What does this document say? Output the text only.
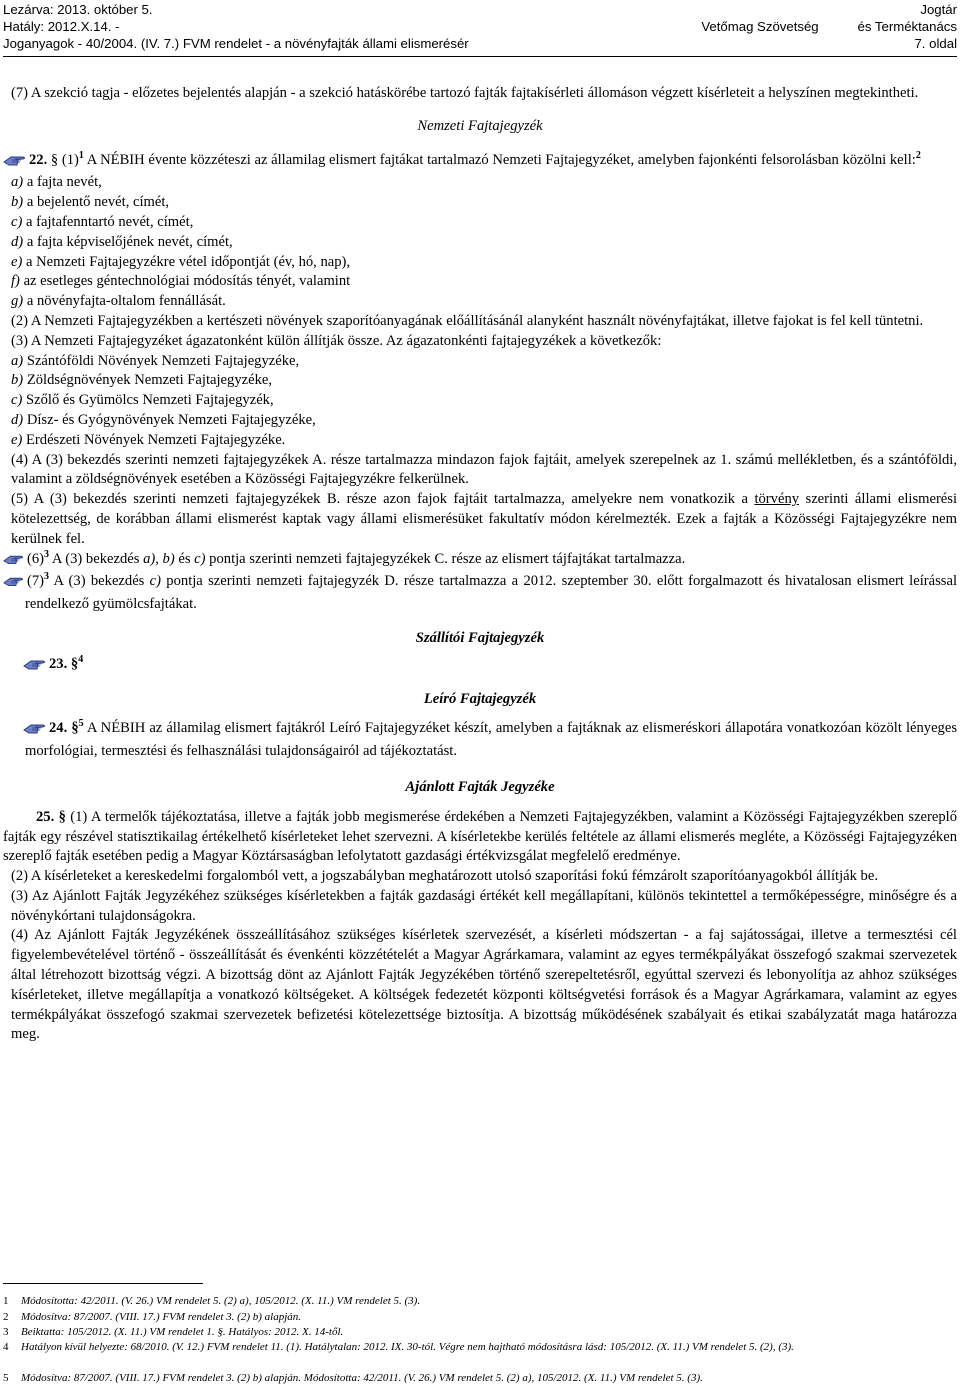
Lezárva: 2013. október 5.
Hatály: 2012.X.14. -
Joganyagok - 40/2004. (IV. 7.) FVM rendelet - a növényfajták állami elismerésér

Vetőmag Szövetség

Jogtár
és Terméktanács
7. oldal

(7) A szekció tagja - előzetes bejelentés alapján - a szekció hatáskörébe tartozó fajták fajtakísérleti állomáson végzett kísérleteit a helyszínen megtekintheti.

Nemzeti Fajtajegyzék

22. § $(1)^1$ A NÉBIH évente közzéteszi az államilag elismert fajtákat tartalmazó Nemzeti Fajtajegyzéket, amelyben fajonkénti felsorolásban közölni kell:$^2$

a) a fajta nevét,

b) a bejelentő nevét, címét,

c) a fajtafenntartó nevét, címét,

d) a fajta képviselőjének nevét, címét,

e) a Nemzeti Fajtajegyzékre vétel időpontját (év, hó, nap),

f) az esetleges géntechnológiai módosítás tényét, valamint

g) a növényfajta-oltalom fennállását.

(2) A Nemzeti Fajtajegyzékben a kertészeti növények szaporítóanyagának előállításánál alanyként használt növényfajtákat, illetve fajokat is fel kell tüntetni.

(3) A Nemzeti Fajtajegyzéket ágazatonként külön állítják össze. Az ágazatonkénti fajtajegyzékek a következők:

a) Szántóföldi Növények Nemzeti Fajtajegyzéke,

b) Zöldségnövények Nemzeti Fajtajegyzéke,

c) Szőlő és Gyümölcs Nemzeti Fajtajegyzék,

d) Dísz- és Gyógynövények Nemzeti Fajtajegyzéke,

e) Erdészeti Növények Nemzeti Fajtajegyzéke.

(4) A (3) bekezdés szerinti nemzeti fajtajegyzékek A. része tartalmazza mindazon fajok fajtáit, amelyek szerepelnek az 1. számú mellékletben, és a szántóföldi, valamint a zöldségnövények esetében a Közösségi Fajtajegyzékre felkerülnek.

(5) A (3) bekezdés szerinti nemzeti fajtajegyzékek B. része azon fajok fajtáit tartalmazza, amelyekre nem vonatkozik a törvény szerinti állami elismerési kötelezettség, de korábban állami elismerést kaptak vagy állami elismerésüket fakultatív módon kérelmezték. Ezek a fajták a Közösségi Fajtajegyzékre nem kerülnek fel.

$(6)^3$ A (3) bekezdés a), b) és c) pontja szerinti nemzeti fajtajegyzékek C. része az elismert tájfajtákat tartalmazza.

$(7)^3$ A (3) bekezdés c) pontja szerinti nemzeti fajtajegyzék D. része tartalmazza a 2012. szeptember 30. előtt forgalmazott és hivatalosan elismert leírással rendelkező gyümölcsfajtákat.

Szállítói Fajtajegyzék

23. §$^4$

Leíró Fajtajegyzék

24. §$^5$ A NÉBIH az államilag elismert fajtákról Leíró Fajtajegyzéket készít, amelyben a fajtáknak az elismeréskori állapotára vonatkozóan közölt lényeges morfológiai, termesztési és felhasználási tulajdonságairól ad tájékoztatást.

Ajánlott Fajták Jegyzéke

25. § (1) A termelők tájékoztatása, illetve a fajták jobb megismerése érdekében a Nemzeti Fajtajegyzékben, valamint a Közösségi Fajtajegyzékben szereplő fajták egy részével statisztikailag értékelhető kísérleteket lehet szervezni. A kísérletekbe kerülés feltétele az állami elismerés megléte, a Közösségi Fajtajegyzéken szereplő fajták esetében pedig a Magyar Köztársaságban lefolytatott gazdasági értékvizsgálat megfelelő eredménye.

(2) A kísérleteket a kereskedelmi forgalomból vett, a jogszabályban meghatározott utolsó szaporítási fokú fémzárolt szaporítóanyagokból állítják be.

(3) Az Ajánlott Fajták Jegyzékéhez szükséges kísérletekben a fajták gazdasági értékét kell megállapítani, különös tekintettel a termőképességre, minőségre és a növénykórtani tulajdonságokra.

(4) Az Ajánlott Fajták Jegyzékének összeállításához szükséges kísérletek szervezését, a kísérleti módszertan - a faj sajátosságai, illetve a termesztési cél figyelembevételével történő - összeállítását és évenkénti közzétételét a Magyar Agrárkamara, valamint az egyes termékpályákat összefogó szakmai szervezetek által létrehozott bizottság végzi. A bizottság dönt az Ajánlott Fajták Jegyzékében történő szerepeltetésről, egyúttal szervezi és lebonyolítja az ahhoz szükséges kísérleteket, illetve megállapítja a vonatkozó költségeket. A költségek fedezetét központi költségvetési források és a Magyar Agrárkamara, valamint az egyes termékpályákat összefogó szakmai szervezetek befizetési kötelezettsége biztosítja. A bizottság működésének szabályait és etikai szabályzatát maga határozza meg.

1 Módosította: 42/2011. (V. 26.) VM rendelet 5. (2) a), 105/2012. (X. 11.) VM rendelet 5. (3).
2 Módosítva: 87/2007. (VIII. 17.) FVM rendelet 3. (2) b) alapján.
3 Beiktatta: 105/2012. (X. 11.) VM rendelet 1. §. Hatályos: 2012. X. 14-től.
4 Hatályon kívül helyezte: 68/2010. (V. 12.) FVM rendelet 11. (1). Hatálytalan: 2012. IX. 30-tól. Végre nem hajtható módosításra lásd: 105/2012. (X. 11.) VM rendelet 5. (2), (3).
5 Módosítva: 87/2007. (VIII. 17.) FVM rendelet 3. (2) b) alapján. Módosította: 42/2011. (V. 26.) VM rendelet 5. (2) a), 105/2012. (X. 11.) VM rendelet 5. (3).
